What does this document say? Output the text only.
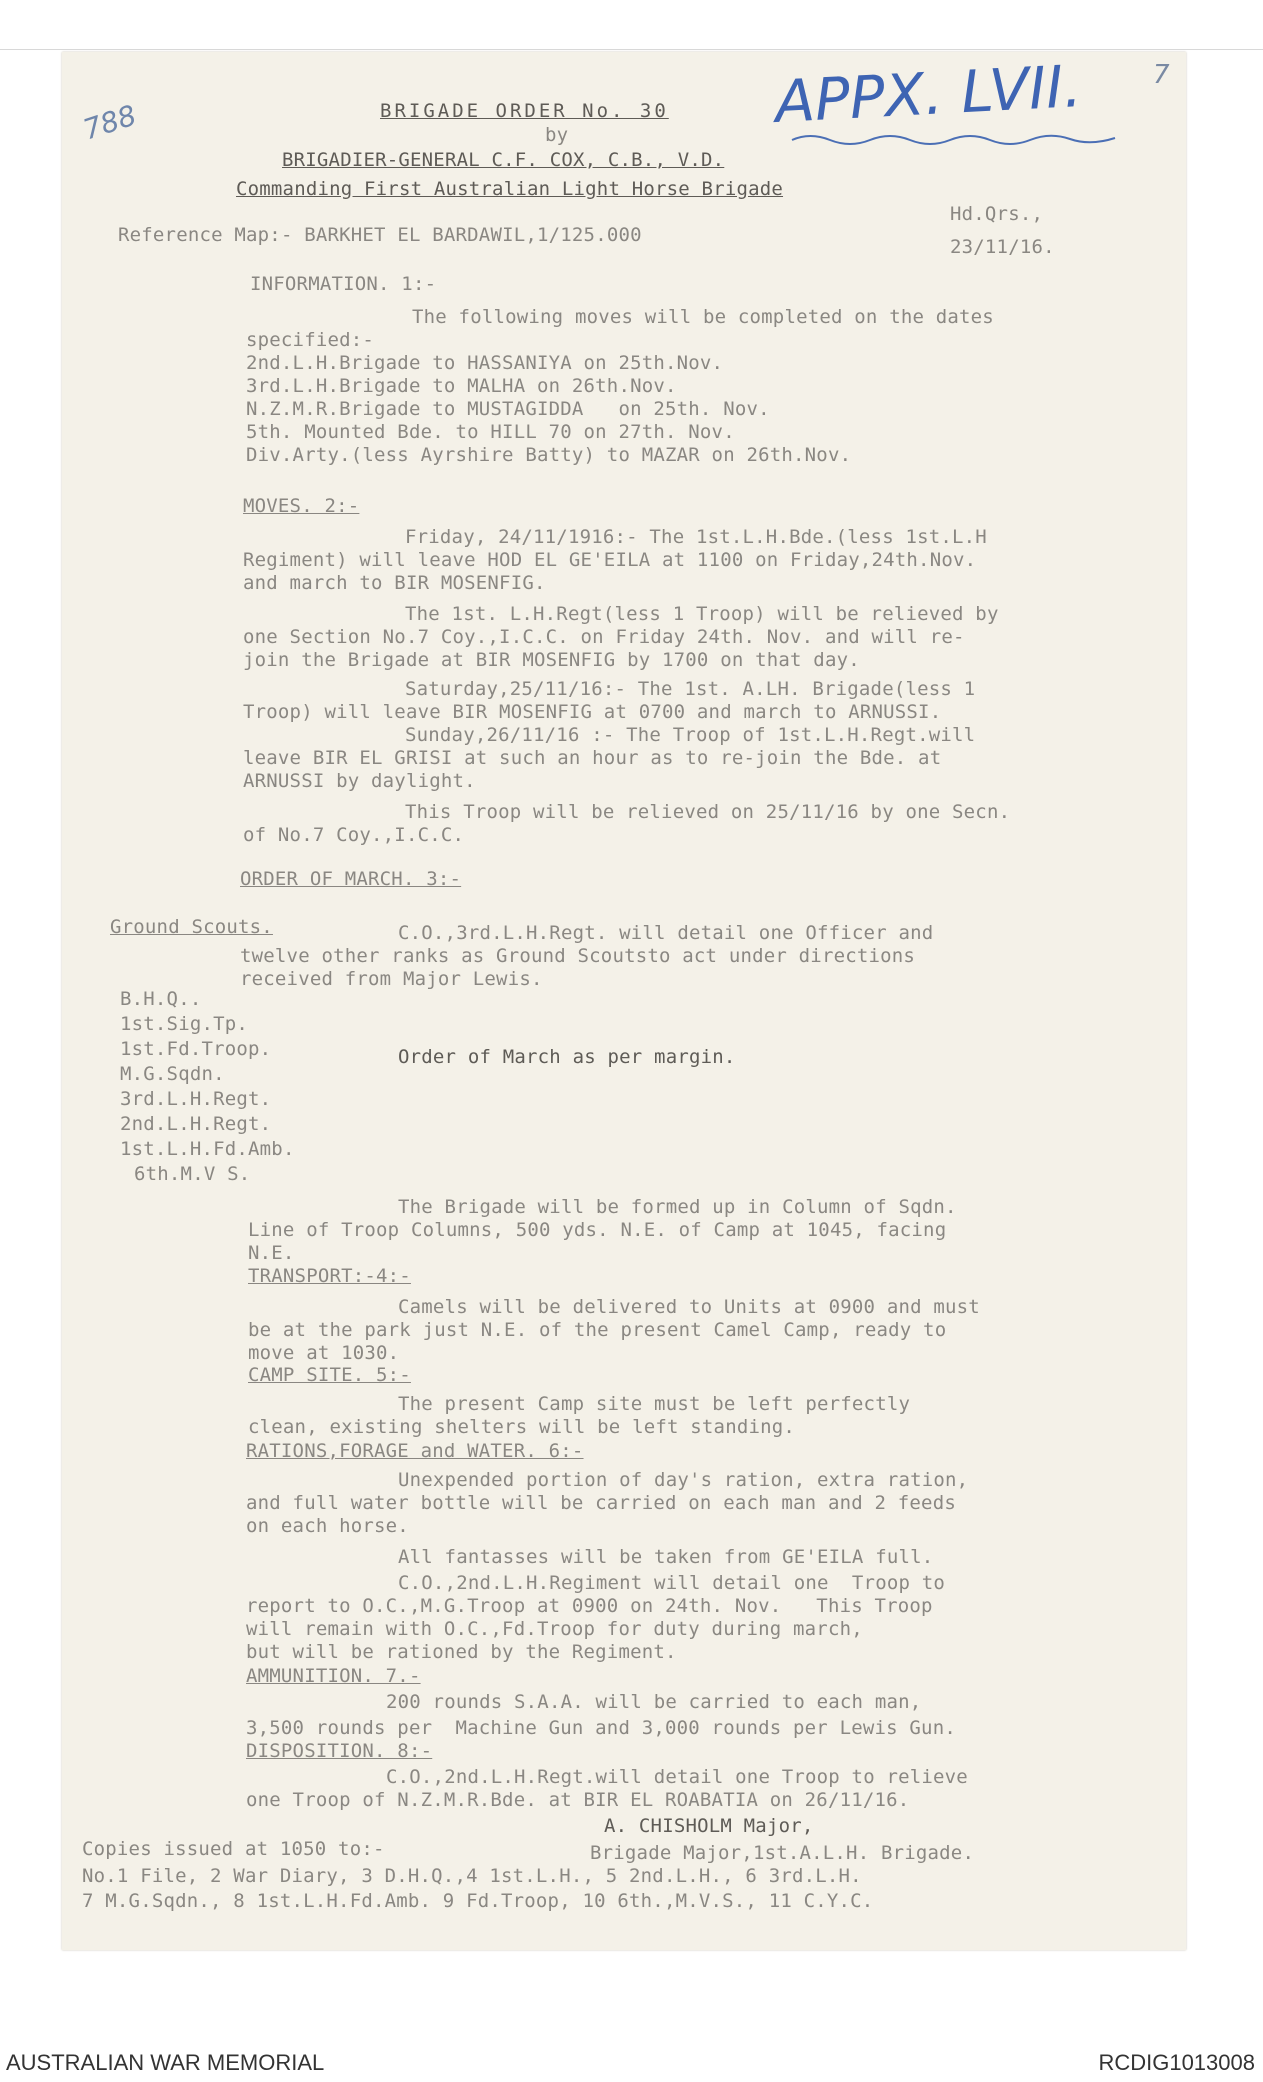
788
7
APPX. LVII.
BRIGADE ORDER No. 30
by
BRIGADIER-GENERAL C.F. COX, C.B., V.D.
Commanding First Australian Light Horse Brigade
Hd.Qrs.,
Reference Map:- BARKHET EL BARDAWIL,1/125.000
23/11/16.
INFORMATION. 1:-
The following moves will be completed on the dates
specified:-
2nd.L.H.Brigade to HASSANIYA on 25th.Nov.
3rd.L.H.Brigade to MALHA on 26th.Nov.
N.Z.M.R.Brigade to MUSTAGIDDA   on 25th. Nov.
5th. Mounted Bde. to HILL 70 on 27th. Nov.
Div.Arty.(less Ayrshire Batty) to MAZAR on 26th.Nov.
MOVES. 2:-
Friday, 24/11/1916:- The 1st.L.H.Bde.(less 1st.L.H
Regiment) will leave HOD EL GE'EILA at 1100 on Friday,24th.Nov.
and march to BIR MOSENFIG.
The 1st. L.H.Regt(less 1 Troop) will be relieved by
one Section No.7 Coy.,I.C.C. on Friday 24th. Nov. and will re-
join the Brigade at BIR MOSENFIG by 1700 on that day.
Saturday,25/11/16:- The 1st. A.LH. Brigade(less 1
Troop) will leave BIR MOSENFIG at 0700 and march to ARNUSSI.
Sunday,26/11/16 :- The Troop of 1st.L.H.Regt.will
leave BIR EL GRISI at such an hour as to re-join the Bde. at
ARNUSSI by daylight.
This Troop will be relieved on 25/11/16 by one Secn.
of No.7 Coy.,I.C.C.
ORDER OF MARCH. 3:-
Ground Scouts.	C.O.,3rd.L.H.Regt. will detail one Officer and
twelve other ranks as Ground Scoutsto act under directions
received from Major Lewis.
B.H.Q..
1st.Sig.Tp.
1st.Fd.Troop.
M.G.Sqdn.
3rd.L.H.Regt.
2nd.L.H.Regt.
1st.L.H.Fd.Amb.
6th.M.V S.
Order of March as per margin.
The Brigade will be formed up in Column of Sqdn.
Line of Troop Columns, 500 yds. N.E. of Camp at 1045, facing
N.E.
TRANSPORT:-4:-
Camels will be delivered to Units at 0900 and must
be at the park just N.E. of the present Camel Camp, ready to
move at 1030.
CAMP SITE. 5:-
The present Camp site must be left perfectly
clean, existing shelters will be left standing.
RATIONS,FORAGE and WATER. 6:-
Unexpended portion of day's ration, extra ration,
and full water bottle will be carried on each man and 2 feeds
on each horse.
All fantasses will be taken from GE'EILA full.
C.O.,2nd.L.H.Regiment will detail one  Troop to
report to O.C.,M.G.Troop at 0900 on 24th. Nov.   This Troop
will remain with O.C.,Fd.Troop for duty during march,
but will be rationed by the Regiment.
AMMUNITION. 7.-
200 rounds S.A.A. will be carried to each man,
3,500 rounds per  Machine Gun and 3,000 rounds per Lewis Gun.
DISPOSITION. 8:-
C.O.,2nd.L.H.Regt.will detail one Troop to relieve
one Troop of N.Z.M.R.Bde. at BIR EL ROABATIA on 26/11/16.
A. CHISHOLM Major,
Copies issued at 1050 to:-	Brigade Major,1st.A.L.H. Brigade.
No.1 File, 2 War Diary, 3 D.H.Q.,4 1st.L.H., 5 2nd.L.H., 6 3rd.L.H.
7 M.G.Sqdn., 8 1st.L.H.Fd.Amb. 9 Fd.Troop, 10 6th.,M.V.S., 11 C.Y.C.
AUSTRALIAN WAR MEMORIAL	RCDIG1013008
